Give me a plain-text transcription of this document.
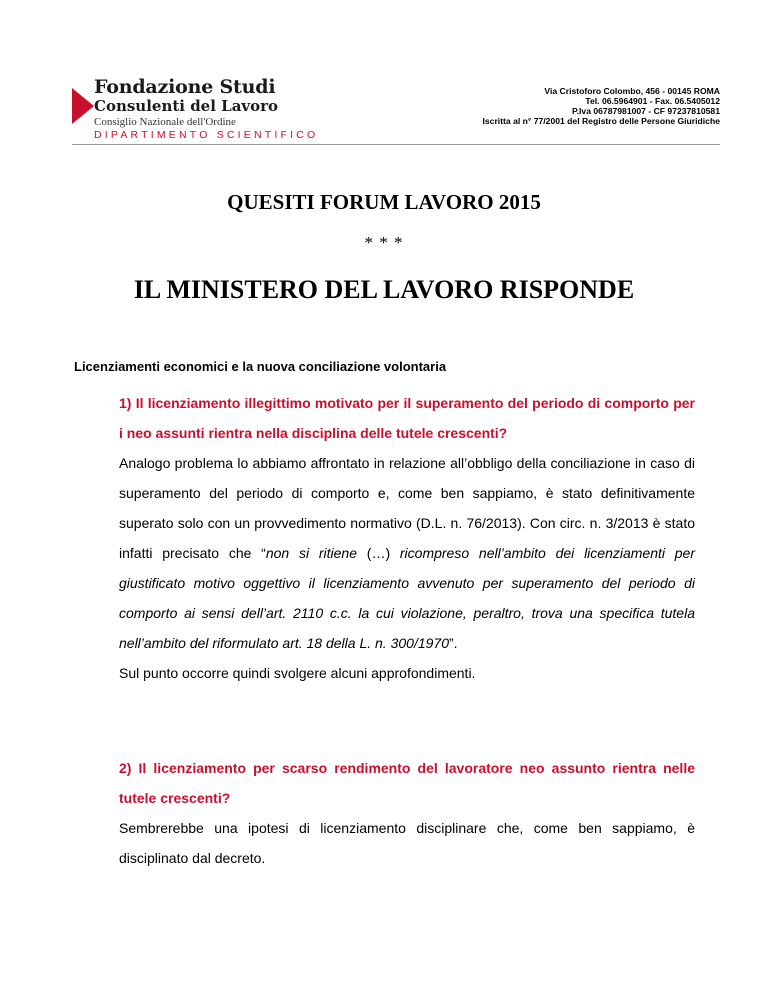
Fondazione Studi
Consulenti del Lavoro
Consiglio Nazionale dell'Ordine
DIPARTIMENTO SCIENTIFICO
Via Cristoforo Colombo, 456 - 00145 ROMA
Tel. 06.5964901 - Fax. 06.5405012
P.Iva 06787981007 - CF 97237810581
Iscritta al n° 77/2001 del Registro delle Persone Giuridiche
QUESITI FORUM LAVORO 2015
* * *
IL MINISTERO DEL LAVORO RISPONDE
Licenziamenti economici e la nuova conciliazione volontaria

1) Il licenziamento illegittimo motivato per il superamento del periodo di comporto per i neo assunti rientra nella disciplina delle tutele crescenti?

Analogo problema lo abbiamo affrontato in relazione all’obbligo della conciliazione in caso di superamento del periodo di comporto e, come ben sappiamo, è stato definitivamente superato solo con un provvedimento normativo (D.L. n. 76/2013). Con circ. n. 3/2013 è stato infatti precisato che “non si ritiene (…) ricompreso nell’ambito dei licenziamenti per giustificato motivo oggettivo il licenziamento avvenuto per superamento del periodo di comporto ai sensi dell’art. 2110 c.c. la cui violazione, peraltro, trova una specifica tutela nell’ambito del riformulato art. 18 della L. n. 300/1970”.

Sul punto occorre quindi svolgere alcuni approfondimenti.

2) Il licenziamento per scarso rendimento del lavoratore neo assunto rientra nelle tutele crescenti?

Sembrerebbe una ipotesi di licenziamento disciplinare che, come ben sappiamo, è disciplinato dal decreto.
